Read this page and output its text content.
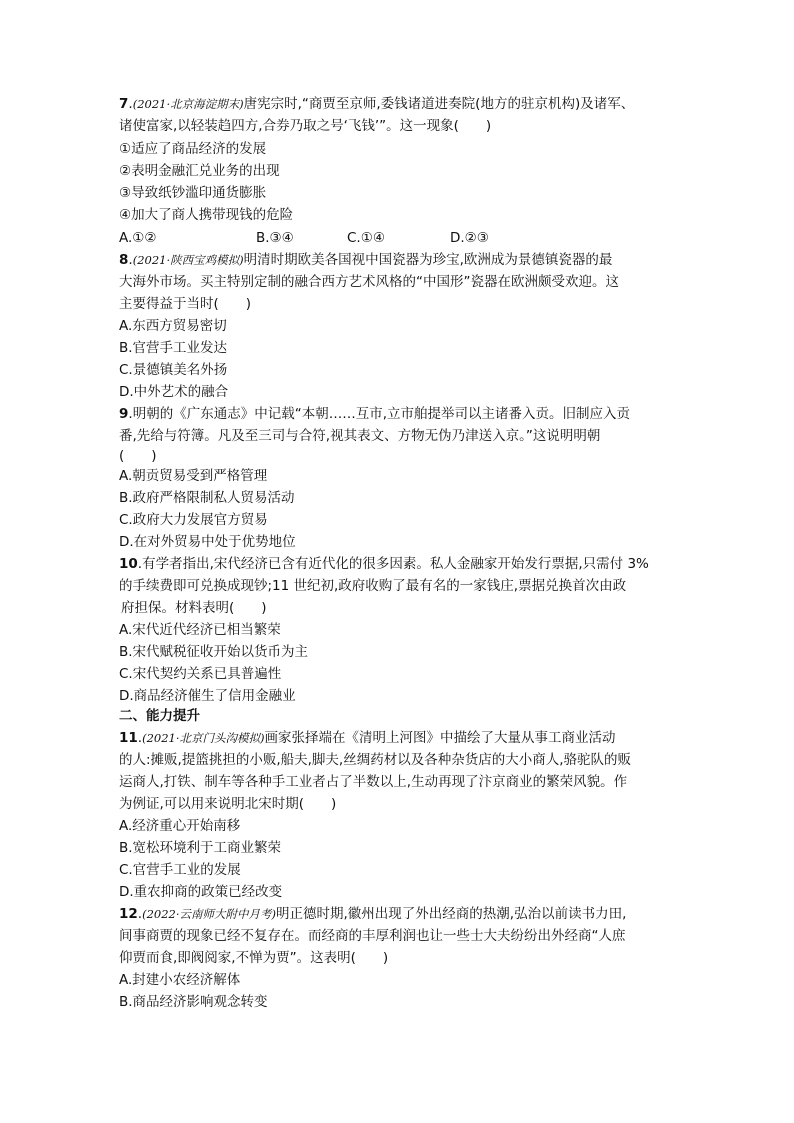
7.(2021·北京海淀期末)唐宪宗时,“商贾至京师,委钱诸道进奏院(地方的驻京机构)及诸军、
诸使富家,以轻装趋四方,合券乃取之号‘飞钱’”。这一现象(　　)
①适应了商品经济的发展
②表明金融汇兑业务的出现
③导致纸钞滥印通货膨胀
④加大了商人携带现钱的危险
A.①②	B.③④	C.①④	D.②③
8.(2021·陕西宝鸡模拟)明清时期欧美各国视中国瓷器为珍宝,欧洲成为景德镇瓷器的最
大海外市场。买主特别定制的融合西方艺术风格的“中国形”瓷器在欧洲颇受欢迎。这
主要得益于当时(　　)
A.东西方贸易密切
B.官营手工业发达
C.景德镇美名外扬
D.中外艺术的融合
9.明朝的《广东通志》中记载“本朝……互市,立市舶提举司以主诸番入贡。旧制应入贡
番,先给与符簿。凡及至三司与合符,视其表文、方物无伪乃津送入京。”这说明明朝
(　　)
A.朝贡贸易受到严格管理
B.政府严格限制私人贸易活动
C.政府大力发展官方贸易
D.在对外贸易中处于优势地位
10.有学者指出,宋代经济已含有近代化的很多因素。私人金融家开始发行票据,只需付 3%
的手续费即可兑换成现钞;11 世纪初,政府收购了最有名的一家钱庄,票据兑换首次由政
府担保。材料表明(　　)
A.宋代近代经济已相当繁荣
B.宋代赋税征收开始以货币为主
C.宋代契约关系已具普遍性
D.商品经济催生了信用金融业
二、能力提升
11.(2021·北京门头沟模拟)画家张择端在《清明上河图》中描绘了大量从事工商业活动
的人:摊贩,提篮挑担的小贩,船夫,脚夫,丝绸药材以及各种杂货店的大小商人,骆驼队的贩
运商人,打铁、制车等各种手工业者占了半数以上,生动再现了汴京商业的繁荣风貌。作
为例证,可以用来说明北宋时期(　　)
A.经济重心开始南移
B.宽松环境利于工商业繁荣
C.官营手工业的发展
D.重农抑商的政策已经改变
12.(2022·云南师大附中月考)明正德时期,徽州出现了外出经商的热潮,弘治以前读书力田,
间事商贾的现象已经不复存在。而经商的丰厚利润也让一些士大夫纷纷出外经商“人庶
仰贾而食,即阀阅家,不惮为贾”。这表明(　　)
A.封建小农经济解体
B.商品经济影响观念转变
